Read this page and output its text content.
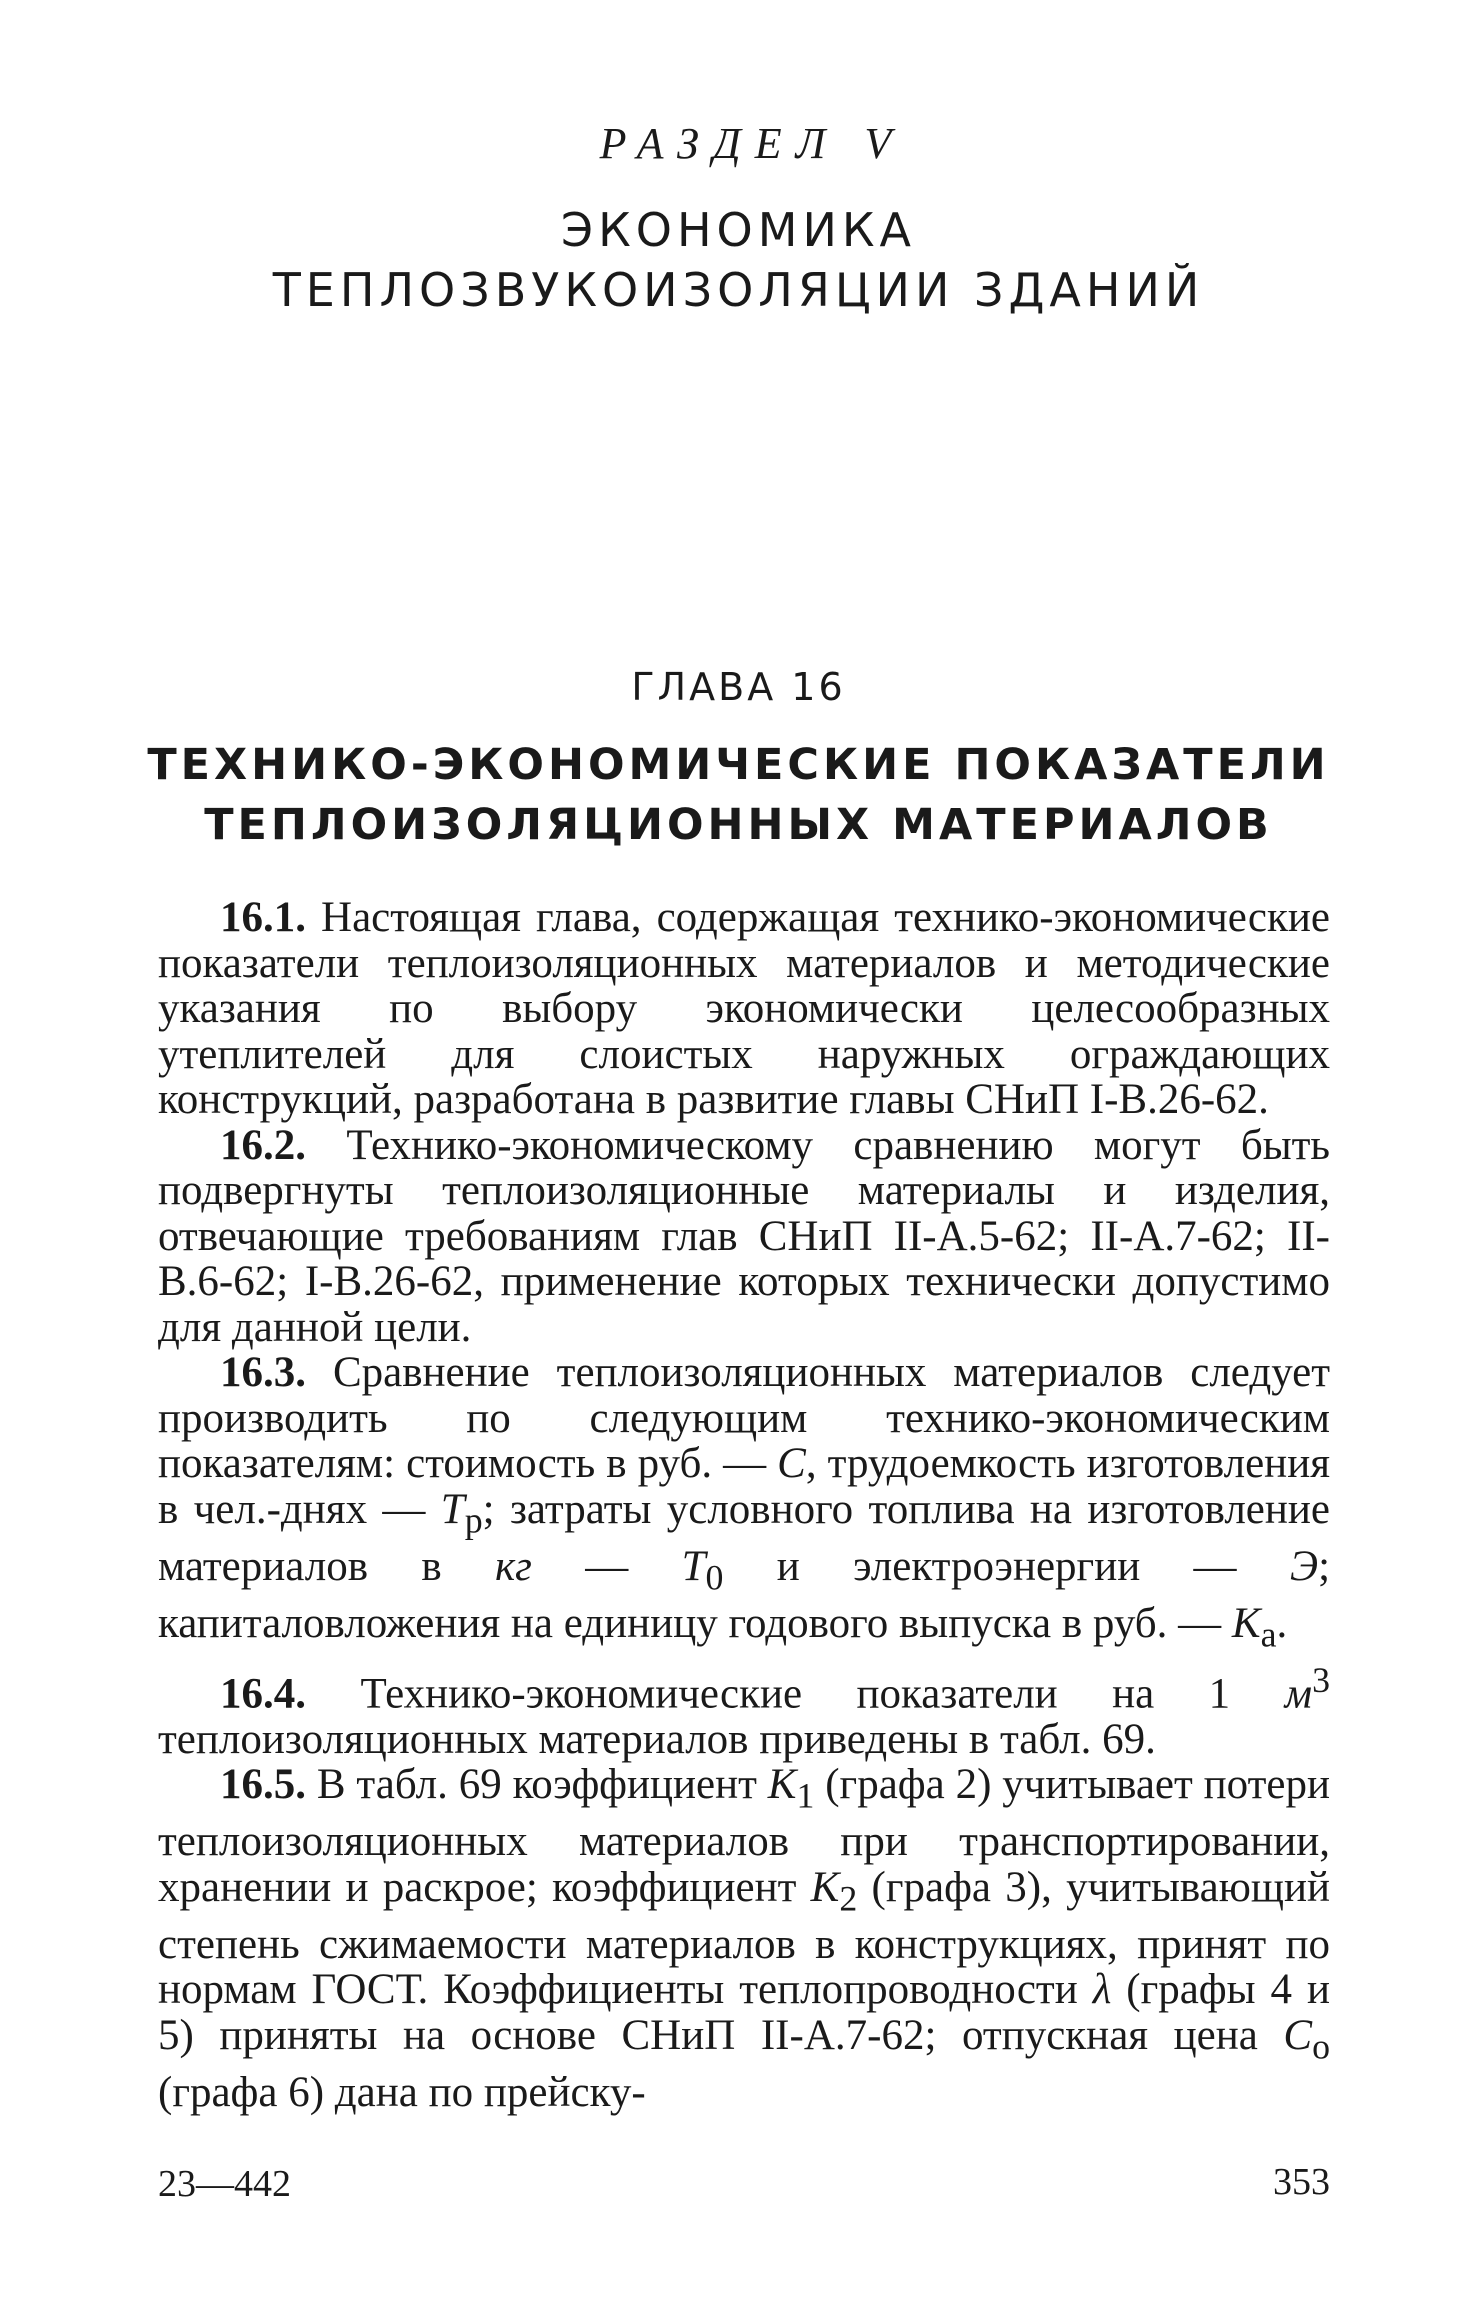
РАЗДЕЛ V
ЭКОНОМИКА
ТЕПЛОЗВУКОИЗОЛЯЦИИ ЗДАНИЙ
ГЛАВА 16
ТЕХНИКО-ЭКОНОМИЧЕСКИЕ ПОКАЗАТЕЛИ
ТЕПЛОИЗОЛЯЦИОННЫХ МАТЕРИАЛОВ

16.1. Настоящая глава, содержащая технико-экономические показатели теплоизоляционных материалов и методические указания по выбору экономически целесообразных утеплителей для слоистых наружных ограждающих конструкций, разработана в развитие главы СНиП I-В.26-62.

16.2. Технико-экономическому сравнению могут быть подвергнуты теплоизоляционные материалы и изделия, отвечающие требованиям глав СНиП II-А.5-62; II-А.7-62; II-В.6-62; I-В.26-62, применение которых технически допустимо для данной цели.

16.3. Сравнение теплоизоляционных материалов следует производить по следующим технико-экономическим показателям: стоимость в руб. — C, трудоемкость изготовления в чел.-днях — $T_p$; затраты условного топлива на изготовление материалов в кг — $T_0$ и электроэнергии — Э; капиталовложения на единицу годового выпуска в руб. — $K_а$.

16.4. Технико-экономические показатели на 1 $м^3$ теплоизоляционных материалов приведены в табл. 69.

16.5. В табл. 69 коэффициент $K_1$ (графа 2) учитывает потери теплоизоляционных материалов при транспортировании, хранении и раскрое; коэффициент $K_2$ (графа 3), учитывающий степень сжимаемости материалов в конструкциях, принят по нормам ГОСТ. Коэффициенты теплопроводности λ (графы 4 и 5) приняты на основе СНиП II-А.7-62; отпускная цена $C_o$ (графа 6) дана по прейску-

23—442	353
